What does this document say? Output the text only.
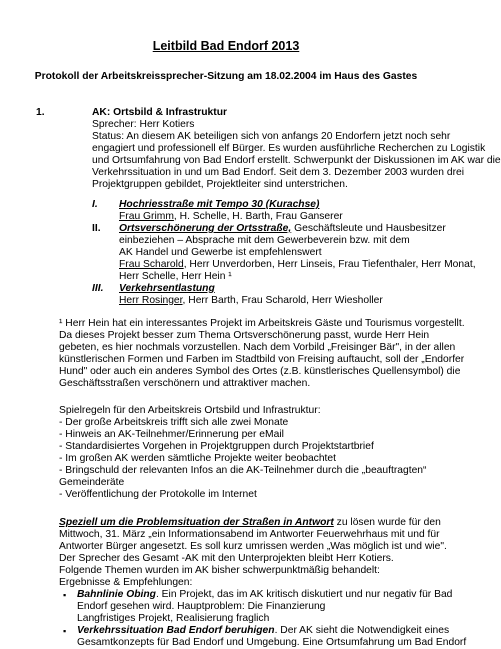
Leitbild Bad Endorf 2013
Protokoll der Arbeitskreissprecher-Sitzung am 18.02.2004 im Haus des Gastes
1.	AK: Ortsbild & Infrastruktur
Sprecher: Herr Kotiers
Status: An diesem AK beteiligen sich von anfangs 20 Endorfern jetzt noch sehr
engagiert und professionell elf Bürger. Es wurden ausführliche Recherchen zu Logistik
und Ortsumfahrung von Bad Endorf erstellt. Schwerpunkt der Diskussionen im AK war die
Verkehrssituation in und um Bad Endorf. Seit dem 3. Dezember 2003 wurden drei
Projektgruppen gebildet, Projektleiter sind unterstrichen.
I. Hochriesstraße mit Tempo 30 (Kurachse)
Frau Grimm, H. Schelle, H. Barth, Frau Ganserer
II. Ortsverschönerung der Ortsstraße, Geschäftsleute und Hausbesitzer
einbeziehen – Absprache mit dem Gewerbeverein bzw. mit dem
AK Handel und Gewerbe ist empfehlenswert
Frau Scharold, Herr Unverdorben, Herr Linseis, Frau Tiefenthaler, Herr Monat,
Herr Schelle, Herr Hein ¹
III. Verkehrsentlastung
Herr Rosinger, Herr Barth, Frau Scharold, Herr Wiesholler
¹ Herr Hein hat ein interessantes Projekt im Arbeitskreis Gäste und Tourismus vorgestellt.
Da dieses Projekt besser zum Thema Ortsverschönerung passt, wurde Herr Hein
gebeten, es hier nochmals vorzustellen. Nach dem Vorbild „Freisinger Bär", in der allen
künstlerischen Formen und Farben im Stadtbild von Freising auftaucht, soll der „Endorfer
Hund" oder auch ein anderes Symbol des Ortes (z.B. künstlerisches Quellensymbol) die
Geschäftsstraßen verschönern und attraktiver machen.
Spielregeln für den Arbeitskreis Ortsbild und Infrastruktur:
- Der große Arbeitskreis trifft sich alle zwei Monate
- Hinweis an AK-Teilnehmer/Erinnerung per eMail
- Standardisiertes Vorgehen in Projektgruppen durch Projektstartbrief
- Im großen AK werden sämtliche Projekte weiter beobachtet
- Bringschuld der relevanten Infos an die AK-Teilnehmer durch die „beauftragten“
Gemeinderäte
- Veröffentlichung der Protokolle im Internet
Speziell um die Problemsituation der Straßen in Antwort zu lösen wurde für den
Mittwoch, 31. März „ein Informationsabend im Antworter Feuerwehrhaus mit und für
Antworter Bürger angesetzt. Es soll kurz umrissen werden „Was möglich ist und wie".
Der Sprecher des Gesamt -AK mit den Unterprojekten bleibt Herr Kotiers.
Folgende Themen wurden im AK bisher schwerpunktmäßig behandelt:
Ergebnisse & Empfehlungen:
▪ Bahnlinie Obing. Ein Projekt, das im AK kritisch diskutiert und nur negativ für Bad
Endorf gesehen wird. Hauptproblem: Die Finanzierung
Langfristiges Projekt, Realisierung fraglich
▪ Verkehrssituation Bad Endorf beruhigen. Der AK sieht die Notwendigkeit eines
Gesamtkonzepts für Bad Endorf und Umgebung. Eine Ortsumfahrung um Bad Endorf
